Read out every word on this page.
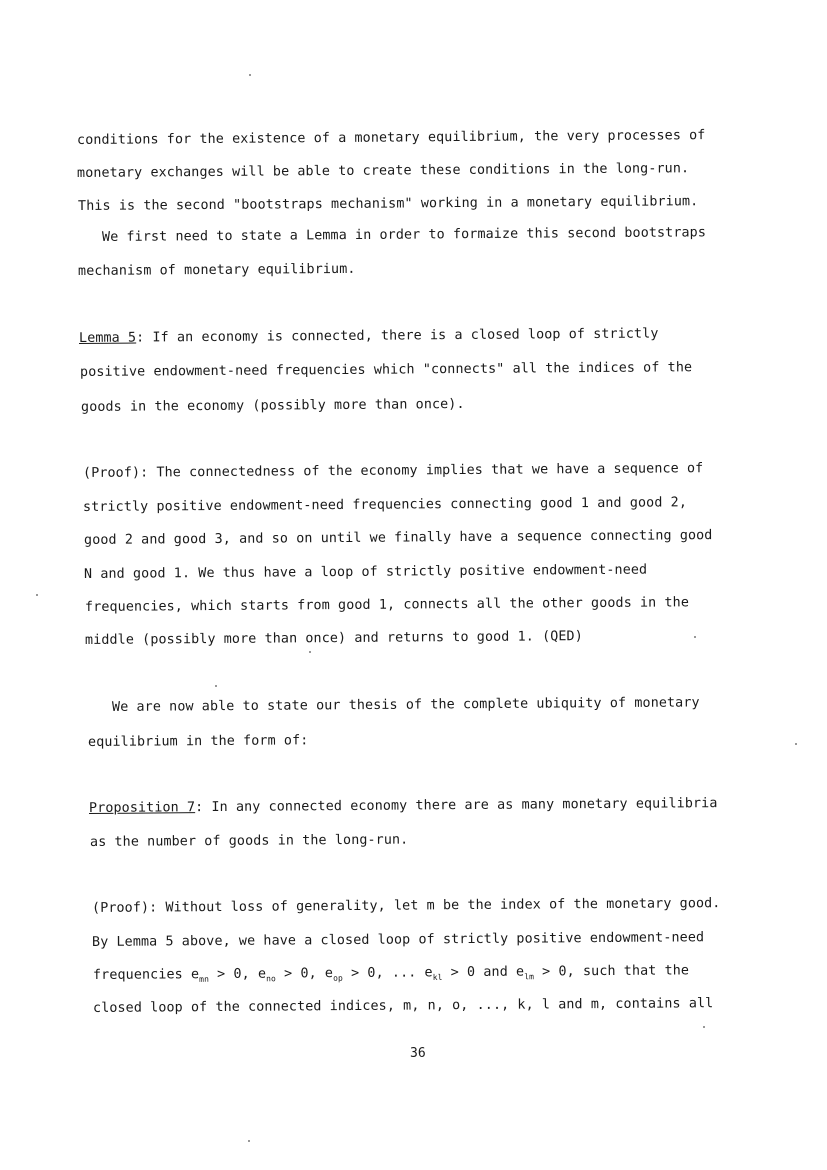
conditions for the existence of a monetary equilibrium, the very processes of
monetary exchanges will be able to create these conditions in the long-run.
This is the second "bootstraps mechanism" working in a monetary equilibrium.
We first need to state a Lemma in order to formaize this second bootstraps
mechanism of monetary equilibrium.
Lemma 5: If an economy is connected, there is a closed loop of strictly
positive endowment-need frequencies which "connects" all the indices of the
goods in the economy (possibly more than once).
(Proof): The connectedness of the economy implies that we have a sequence of
strictly positive endowment-need frequencies connecting good 1 and good 2,
good 2 and good 3, and so on until we finally have a sequence connecting good
N and good 1. We thus have a loop of strictly positive endowment-need
frequencies, which starts from good 1, connects all the other goods in the
middle (possibly more than once) and returns to good 1. (QED)
We are now able to state our thesis of the complete ubiquity of monetary
equilibrium in the form of:
Proposition 7: In any connected economy there are as many monetary equilibria
as the number of goods in the long-run.
(Proof): Without loss of generality, let m be the index of the monetary good.
By Lemma 5 above, we have a closed loop of strictly positive endowment-need
frequencies $e_{mn} > 0$, $e_{no} > 0$, $e_{op} > 0$, ... $e_{kl} > 0$ and $e_{lm} > 0$, such that the
closed loop of the connected indices, m, n, o, ..., k, l and m, contains all
36
